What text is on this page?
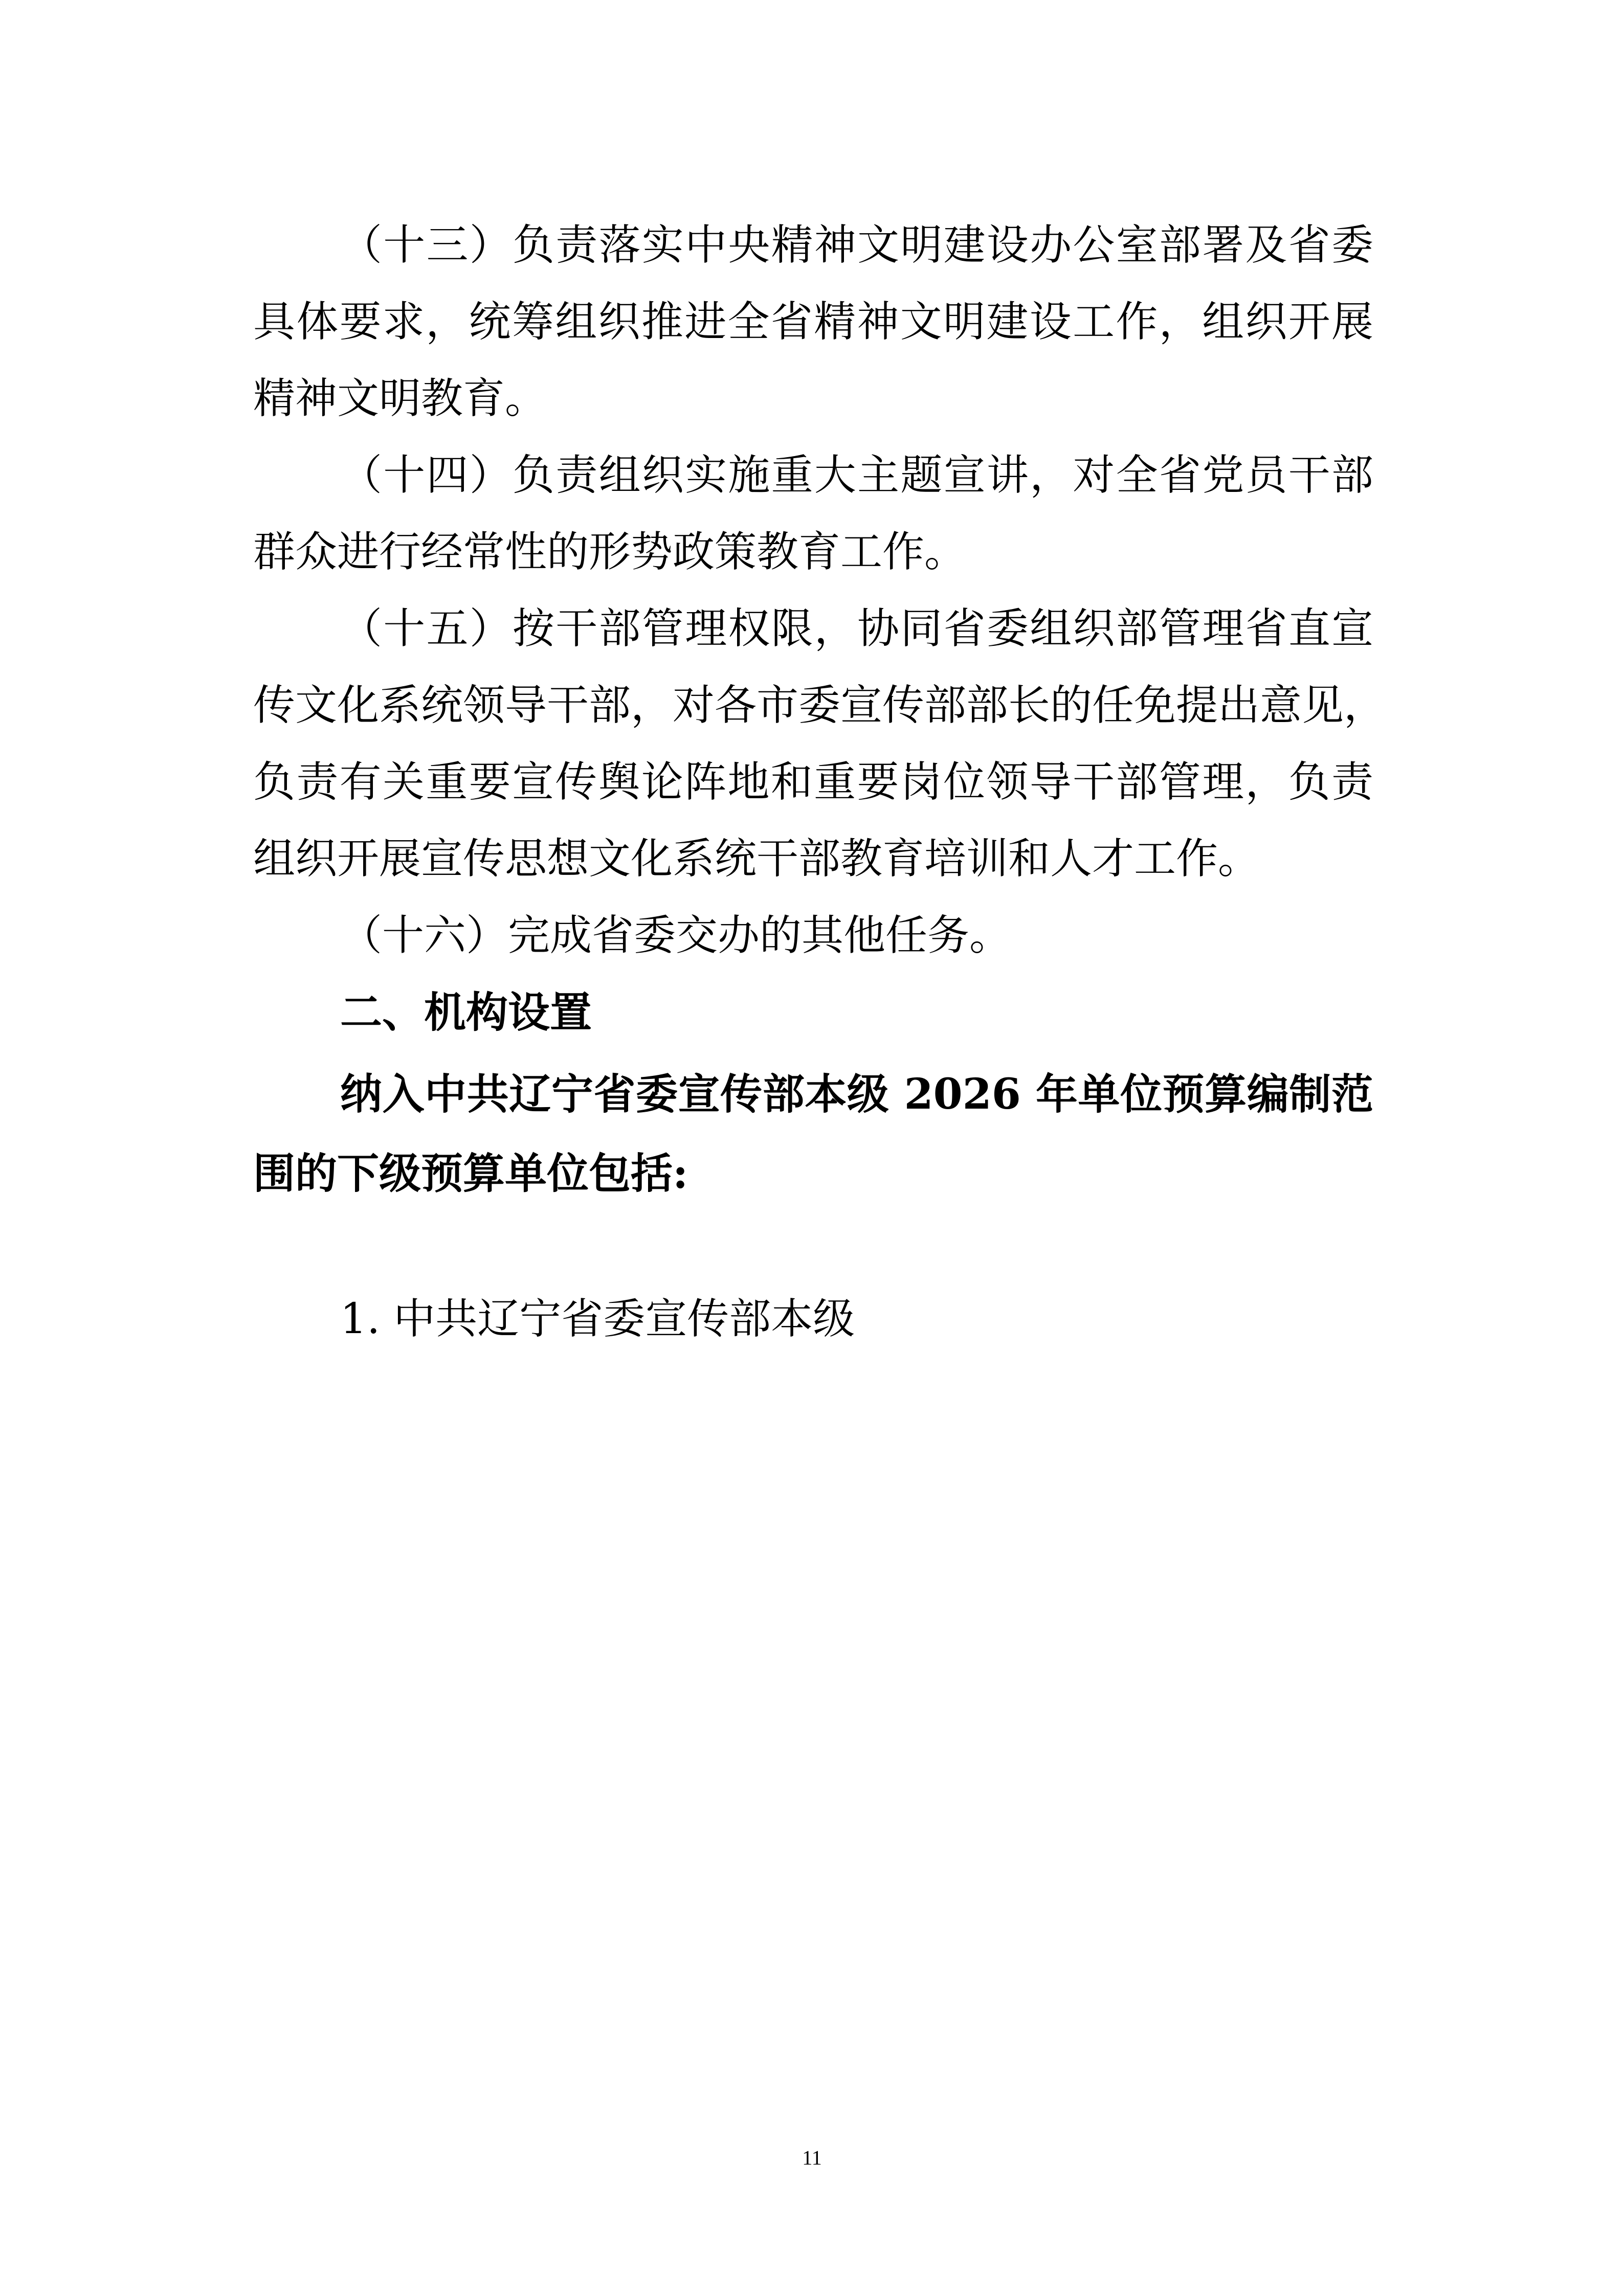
（十三）负责落实中央精神文明建设办公室部署及省委
具体要求，统筹组织推进全省精神文明建设工作，组织开展
精神文明教育。
（十四）负责组织实施重大主题宣讲，对全省党员干部
群众进行经常性的形势政策教育工作。
（十五）按干部管理权限，协同省委组织部管理省直宣
传文化系统领导干部，对各市委宣传部部长的任免提出意见，
负责有关重要宣传舆论阵地和重要岗位领导干部管理，负责
组织开展宣传思想文化系统干部教育培训和人才工作。
（十六）完成省委交办的其他任务。
二、机构设置
纳入中共辽宁省委宣传部本级 2026 年单位预算编制范
围的下级预算单位包括:
1. 中共辽宁省委宣传部本级
11
